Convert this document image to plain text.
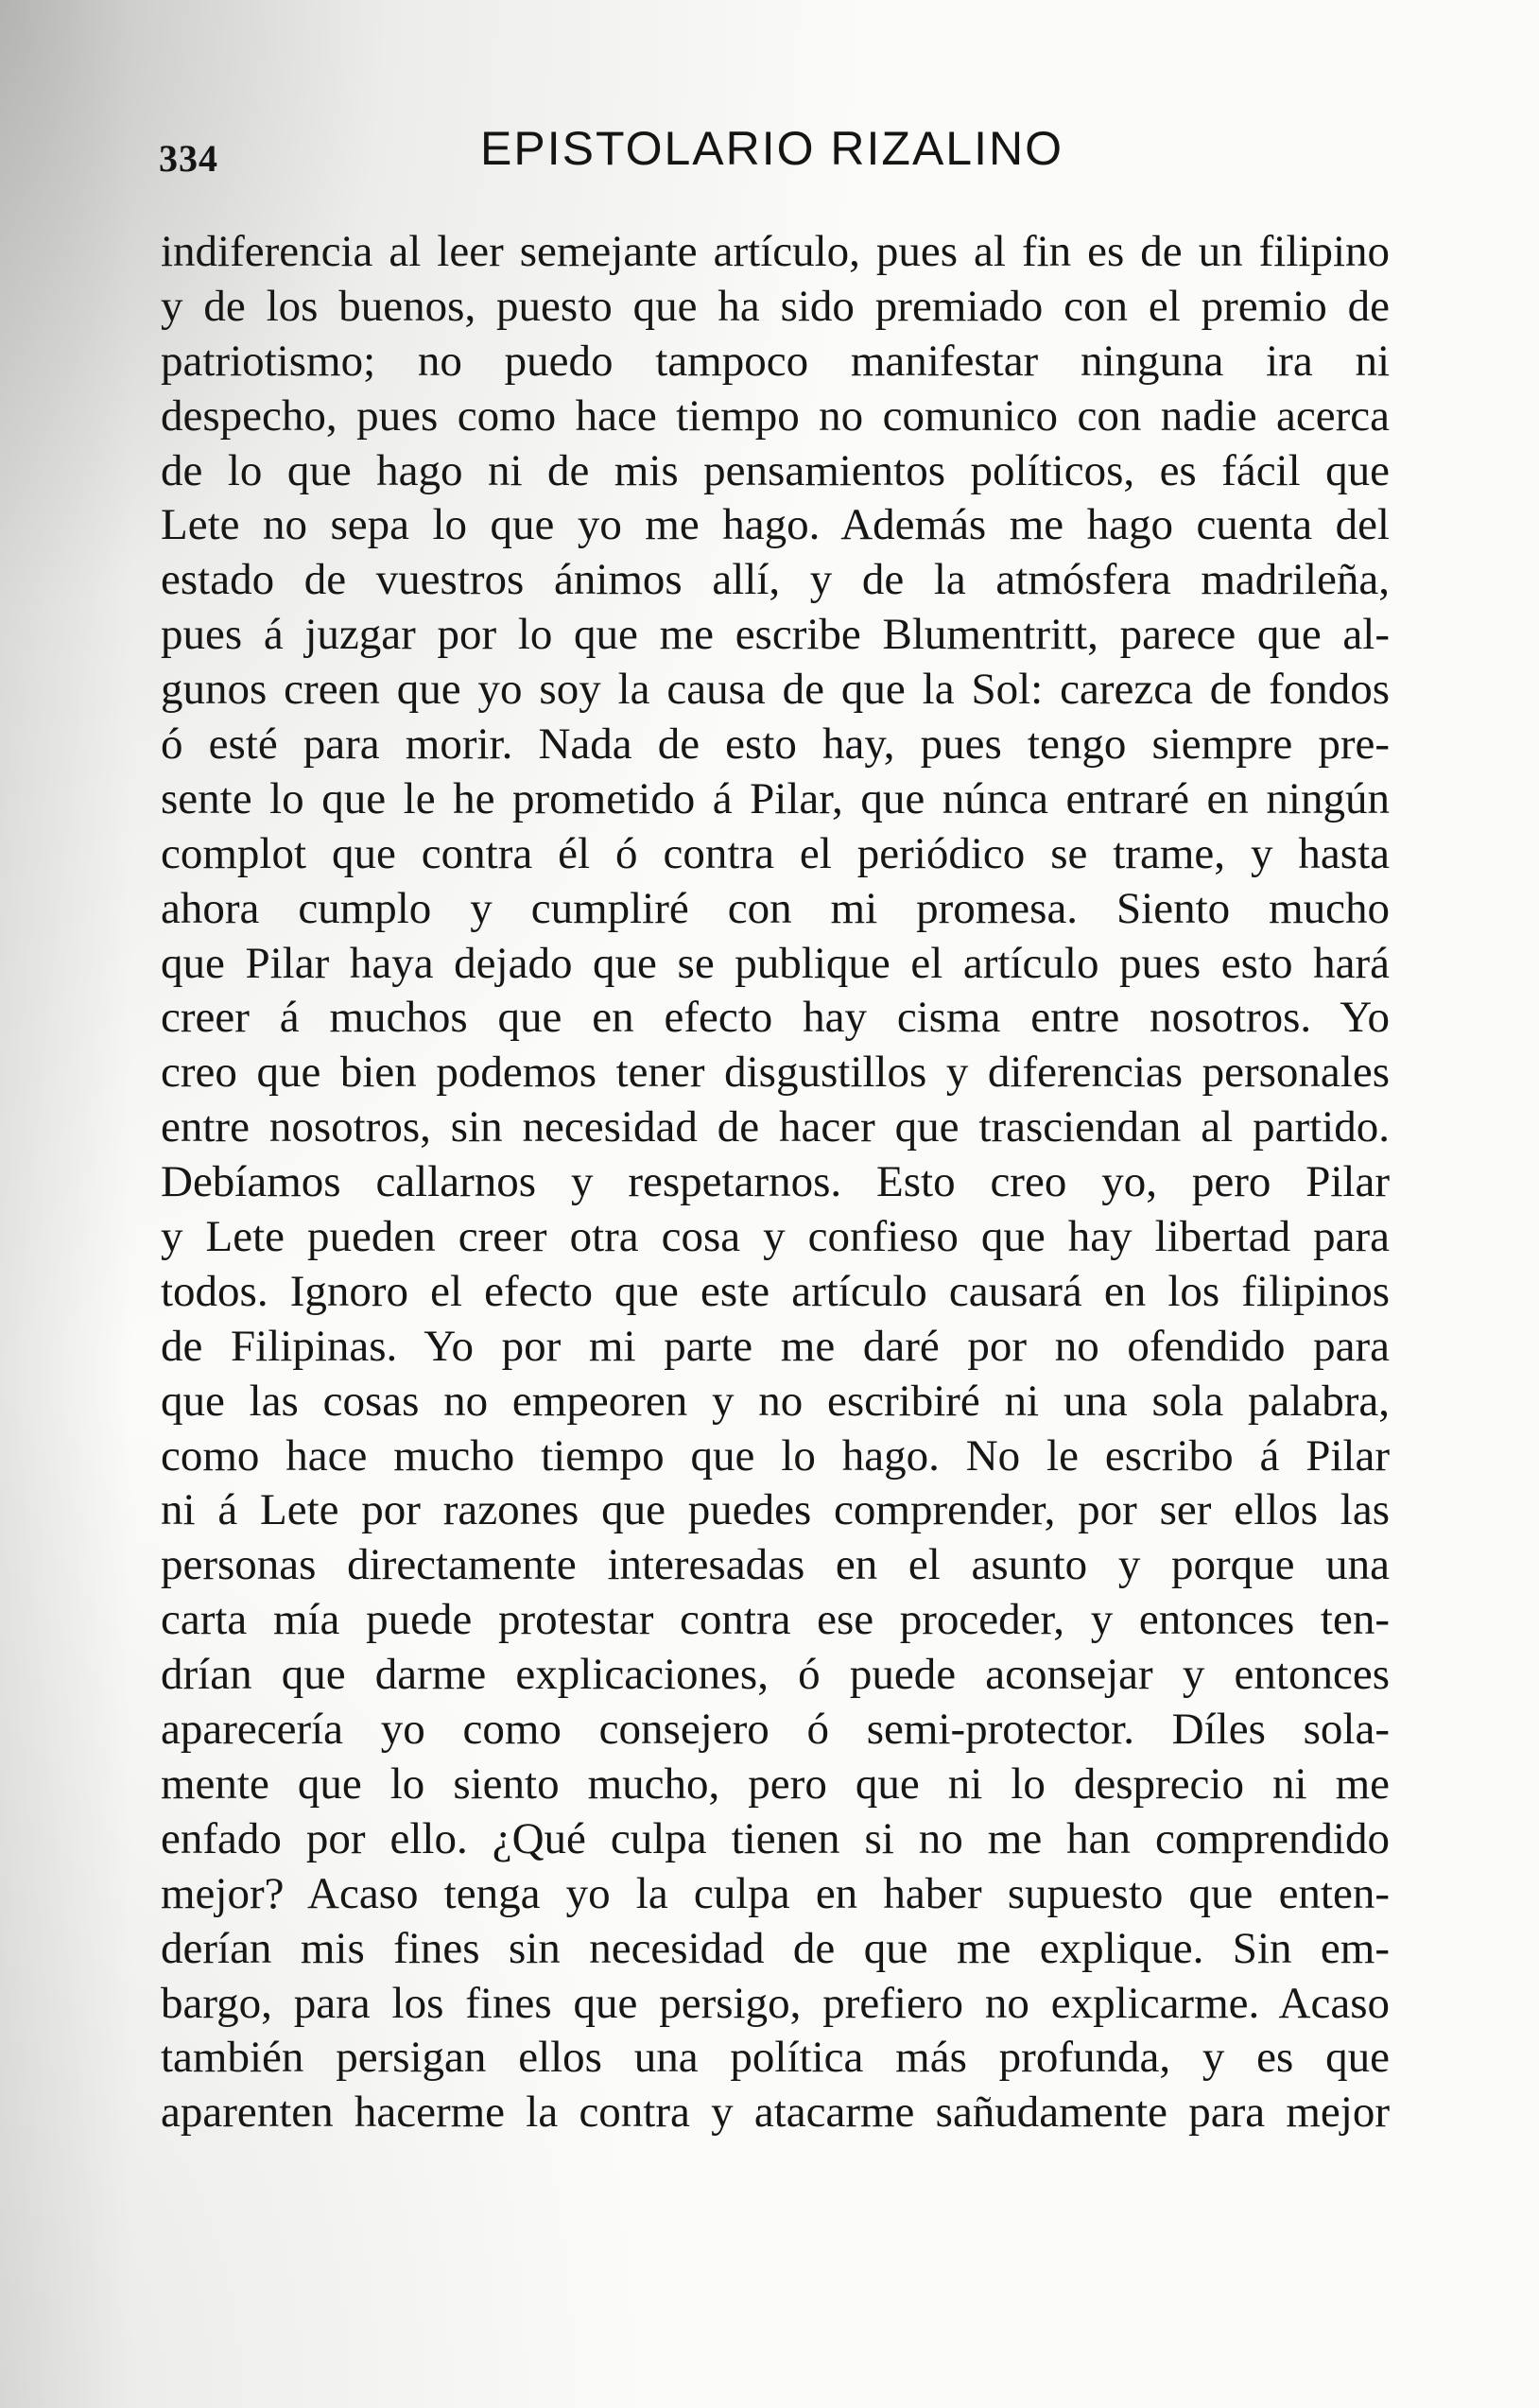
334	EPISTOLARIO RIZALINO
indiferencia al leer semejante artículo, pues al fin es de un filipino
y de los buenos, puesto que ha sido premiado con el premio de
patriotismo; no puedo tampoco manifestar ninguna ira ni
despecho, pues como hace tiempo no comunico con nadie acerca
de lo que hago ni de mis pensamientos políticos, es fácil que
Lete no sepa lo que yo me hago. Además me hago cuenta del
estado de vuestros ánimos allí, y de la atmósfera madrileña,
pues á juzgar por lo que me escribe Blumentritt, parece que al-
gunos creen que yo soy la causa de que la Sol: carezca de fondos
ó esté para morir. Nada de esto hay, pues tengo siempre pre-
sente lo que le he prometido á Pilar, que núnca entraré en ningún
complot que contra él ó contra el periódico se trame, y hasta
ahora cumplo y cumpliré con mi promesa. Siento mucho
que Pilar haya dejado que se publique el artículo pues esto hará
creer á muchos que en efecto hay cisma entre nosotros. Yo
creo que bien podemos tener disgustillos y diferencias personales
entre nosotros, sin necesidad de hacer que trasciendan al partido.
Debíamos callarnos y respetarnos. Esto creo yo, pero Pilar
y Lete pueden creer otra cosa y confieso que hay libertad para
todos. Ignoro el efecto que este artículo causará en los filipinos
de Filipinas. Yo por mi parte me daré por no ofendido para
que las cosas no empeoren y no escribiré ni una sola palabra,
como hace mucho tiempo que lo hago. No le escribo á Pilar
ni á Lete por razones que puedes comprender, por ser ellos las
personas directamente interesadas en el asunto y porque una
carta mía puede protestar contra ese proceder, y entonces ten-
drían que darme explicaciones, ó puede aconsejar y entonces
aparecería yo como consejero ó semi-protector. Díles sola-
mente que lo siento mucho, pero que ni lo desprecio ni me
enfado por ello. ¿Qué culpa tienen si no me han comprendido
mejor? Acaso tenga yo la culpa en haber supuesto que enten-
derían mis fines sin necesidad de que me explique. Sin em-
bargo, para los fines que persigo, prefiero no explicarme. Acaso
también persigan ellos una política más profunda, y es que
aparenten hacerme la contra y atacarme sañudamente para mejor
